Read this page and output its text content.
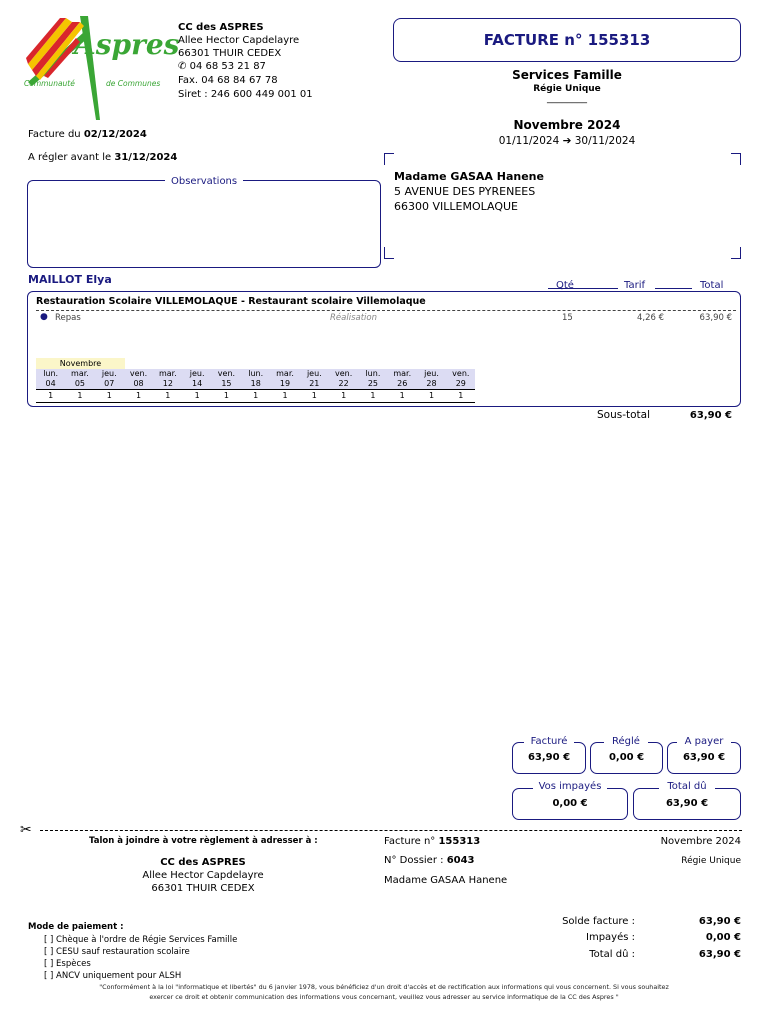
Aspres
Communauté	de Communes
CC des ASPRES
Allee Hector Capdelayre
66301 THUIR CEDEX
✆ 04 68 53 21 87
Fax. 04 68 84 67 78
Siret : 246 600 449 001 01
FACTURE n° 155313
Services Famille
Régie Unique
________
Novembre 2024
01/11/2024 ➔ 30/11/2024
Facture du 02/12/2024
A régler avant le 31/12/2024
Observations	Madame GASAA Hanene
5 AVENUE DES PYRENEES
66300 VILLEMOLAQUE
MAILLOT Elya	Qté	Tarif	Total
Restauration Scolaire VILLEMOLAQUE - Restaurant scolaire Villemolaque
● Repas	Réalisation	15	4,26 €	63,90 €
Novembre
lun.	mar.	jeu.	ven.	mar.	jeu.	ven.	lun.	mar.	jeu.	ven.	lun.	mar.	jeu.	ven.
04	05	07	08	12	14	15	18	19	21	22	25	26	28	29
1	1	1	1	1	1	1	1	1	1	1	1	1	1	1
Sous-total	63,90 €
Facturé
63,90 €
Réglé
0,00 €
A payer
63,90 €
Vos impayés
0,00 €
Total dû
63,90 €
✂
Talon à joindre à votre règlement à adresser à :
CC des ASPRES
Allee Hector Capdelayre
66301 THUIR CEDEX
Facture n° 155313	Novembre 2024
N° Dossier : 6043	Régie Unique
Madame GASAA Hanene
Mode de paiement :
[ ] Chèque à l'ordre de Régie Services Famille
[ ] CESU sauf restauration scolaire
[ ] Espèces
[ ] ANCV uniquement pour ALSH
Solde facture :	63,90 €
Impayés :	0,00 €
Total dû :	63,90 €
"Conformément à la loi "informatique et libertés" du 6 janvier 1978, vous bénéficiez d'un droit d'accès et de rectification aux informations qui vous concernent. Si vous souhaitez
exercer ce droit et obtenir communication des informations vous concernant, veuillez vous adresser au service informatique de la CC des Aspres "
